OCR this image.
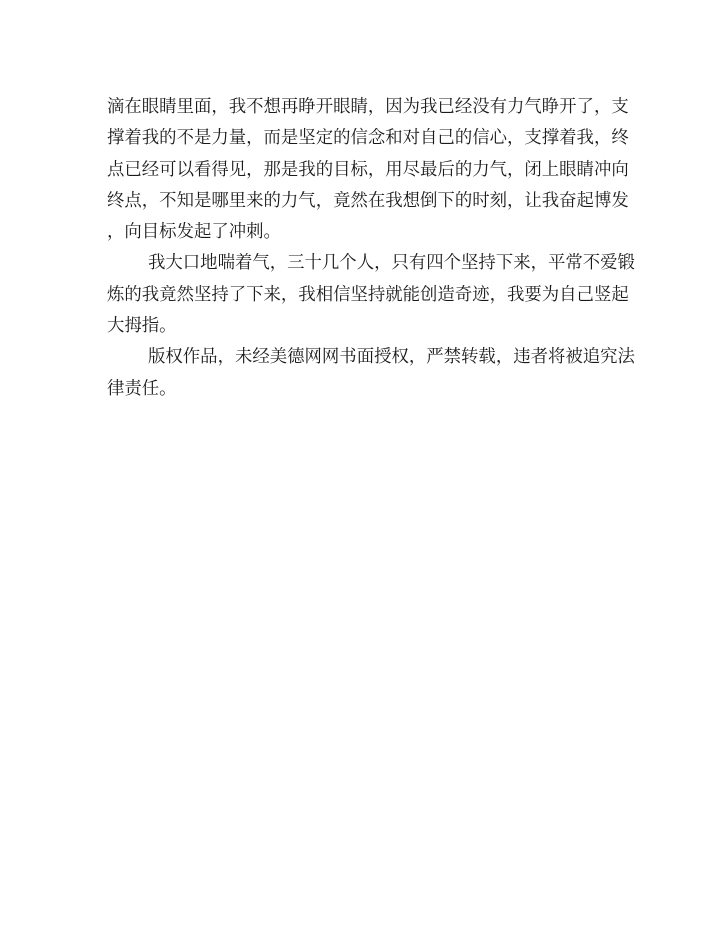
滴在眼睛里面，我不想再睁开眼睛，因为我已经没有力气睁开了，支
撑着我的不是力量，而是坚定的信念和对自己的信心，支撑着我，终
点已经可以看得见，那是我的目标，用尽最后的力气，闭上眼睛冲向
终点，不知是哪里来的力气，竟然在我想倒下的时刻，让我奋起博发
，向目标发起了冲刺。
我大口地喘着气，三十几个人，只有四个坚持下来，平常不爱锻
炼的我竟然坚持了下来，我相信坚持就能创造奇迹，我要为自己竖起
大拇指。
版权作品，未经美德网网书面授权，严禁转载，违者将被追究法
律责任。
